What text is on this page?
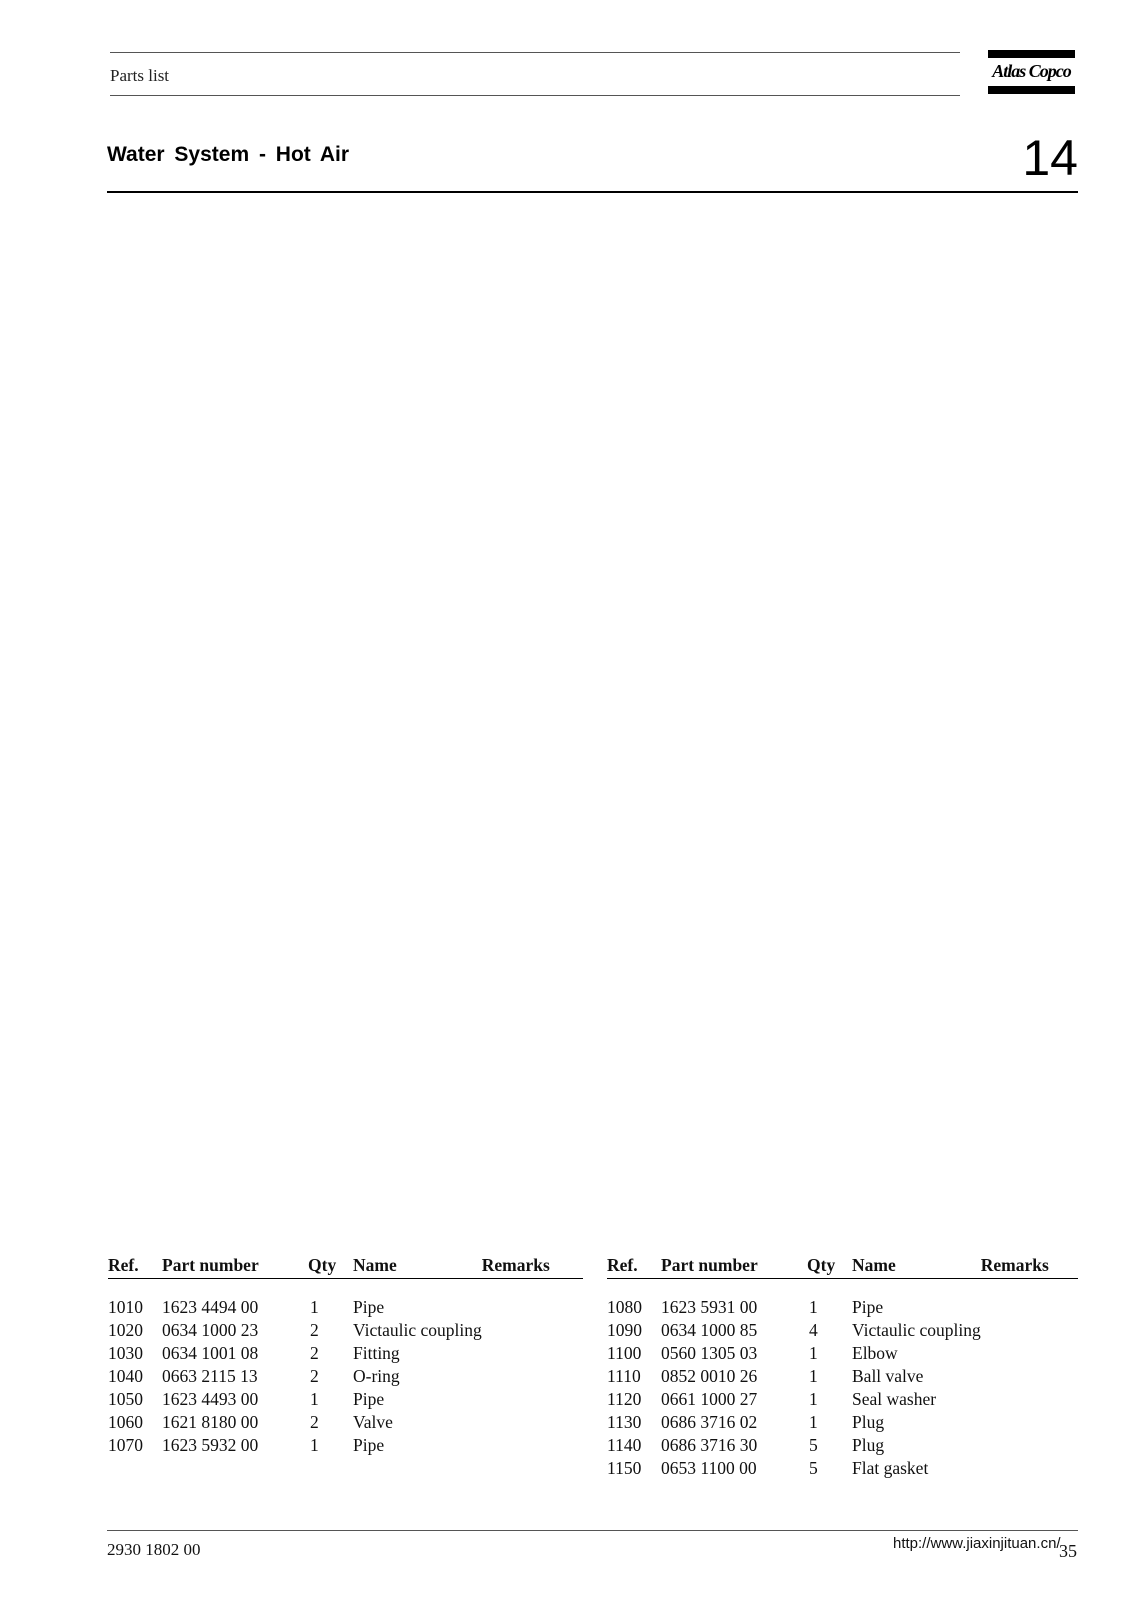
Parts list	Atlas Copco
Water System - Hot Air	14
Ref.	Part number	Qty	Name	Remarks

1010	1623 4494 00	1	Pipe	
1020	0634 1000 23	2	Victaulic coupling	
1030	0634 1001 08	2	Fitting	
1040	0663 2115 13	2	O-ring	
1050	1623 4493 00	1	Pipe	
1060	1621 8180 00	2	Valve	
1070	1623 5932 00	1	Pipe	
Ref.	Part number	Qty	Name	Remarks

1080	1623 5931 00	1	Pipe	
1090	0634 1000 85	4	Victaulic coupling	
1100	0560 1305 03	1	Elbow	
1110	0852 0010 26	1	Ball valve	
1120	0661 1000 27	1	Seal washer	
1130	0686 3716 02	1	Plug	
1140	0686 3716 30	5	Plug	
1150	0653 1100 00	5	Flat gasket	
2930 1802 00	http://www.jiaxinjituan.cn/
35
